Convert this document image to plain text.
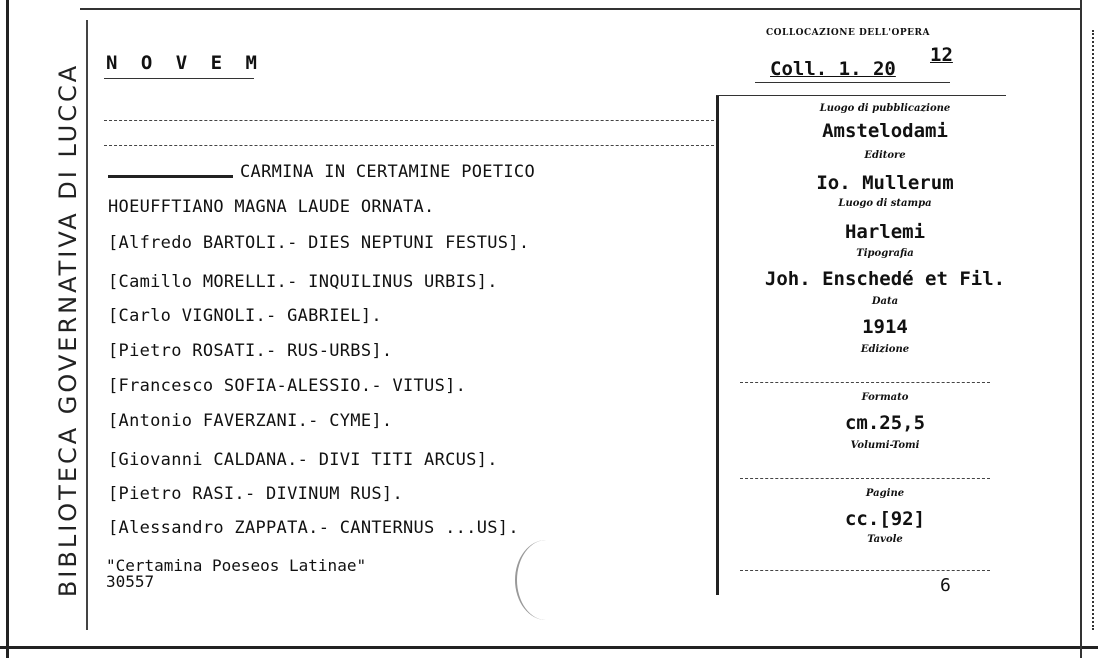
BIBLIOTECA GOVERNATIVA DI LUCCA N O V E M
COLLOCAZIONE DELL'OPERA
Coll. 1. 20
12
CARMINA IN CERTAMINE POETICO
HOEUFFTIANO MAGNA LAUDE ORNATA.
[Alfredo BARTOLI.- DIES NEPTUNI FESTUS].
[Camillo MORELLI.- INQUILINUS URBIS].
[Carlo VIGNOLI.- GABRIEL].
[Pietro ROSATI.- RUS-URBS].
[Francesco SOFIA-ALESSIO.- VITUS].
[Antonio FAVERZANI.- CYME].
[Giovanni CALDANA.- DIVI TITI ARCUS].
[Pietro RASI.- DIVINUM RUS].
[Alessandro ZAPPATA.- CANTERNUS ...US].
"Certamina Poeseos Latinae"
30557
Luogo di pubblicazione
Amstelodami
Editore
Io. Mullerum
Luogo di stampa
Harlemi
Tipografia
Joh. Enschedé et Fil.
Data
1914
Edizione
Formato
cm.25,5
Volumi-Tomi
Pagine
cc.[92]
Tavole
6
